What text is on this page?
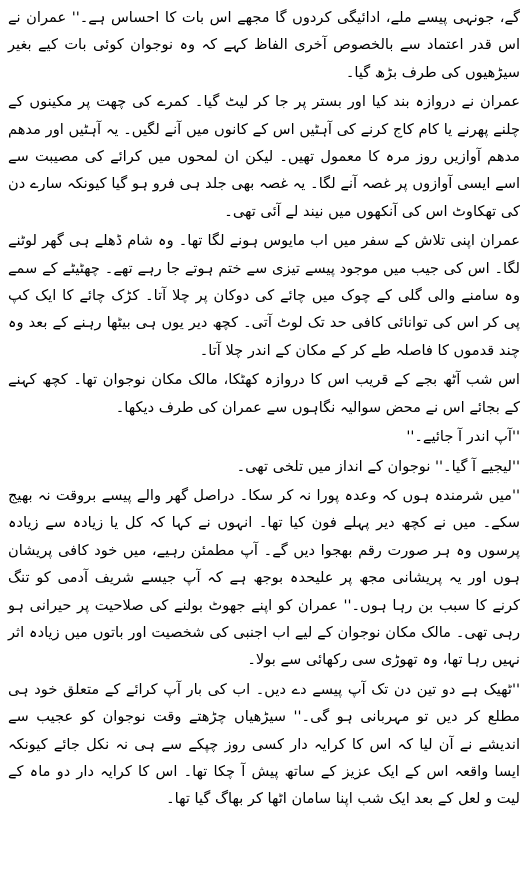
گے، جونہی پیسے ملے، ادائیگی کردوں گا مجھے اس بات کا احساس ہے۔'' عمران نے اس قدر اعتماد سے بالخصوص آخری الفاظ کہے کہ وہ نوجوان کوئی بات کیے بغیر سیڑھیوں کی طرف بڑھ گیا۔

عمران نے دروازہ بند کیا اور بستر پر جا کر لیٹ گیا۔ کمرے کی چھت پر مکینوں کے چلنے پھرنے یا کام کاج کرنے کی آہٹیں اس کے کانوں میں آنے لگیں۔ یہ آہٹیں اور مدھم مدھم آوازیں روز مرہ کا معمول تھیں۔ لیکن ان لمحوں میں کرائے کی مصیبت سے اسے ایسی آوازوں پر غصہ آنے لگا۔ یہ غصہ بھی جلد ہی فرو ہو گیا کیونکہ سارے دن کی تھکاوٹ اس کی آنکھوں میں نیند لے آئی تھی۔

عمران اپنی تلاش کے سفر میں اب مایوس ہونے لگا تھا۔ وہ شام ڈھلے ہی گھر لوٹنے لگا۔ اس کی جیب میں موجود پیسے تیزی سے ختم ہوتے جا رہے تھے۔ چھٹیٹے کے سمے وہ سامنے والی گلی کے چوک میں چائے کی دوکان پر چلا آتا۔ کڑک چائے کا ایک کپ پی کر اس کی توانائی کافی حد تک لوٹ آتی۔ کچھ دیر یوں ہی بیٹھا رہنے کے بعد وہ چند قدموں کا فاصلہ طے کر کے مکان کے اندر چلا آتا۔

اس شب آٹھ بجے کے قریب اس کا دروازہ کھٹکا، مالک مکان نوجوان تھا۔ کچھ کہنے کے بجائے اس نے محض سوالیہ نگاہوں سے عمران کی طرف دیکھا۔

''آپ اندر آ جائیے۔''

''لیجیے آ گیا۔'' نوجوان کے انداز میں تلخی تھی۔

''میں شرمندہ ہوں کہ وعدہ پورا نہ کر سکا۔ دراصل گھر والے پیسے بروقت نہ بھیج سکے۔ میں نے کچھ دیر پہلے فون کیا تھا۔ انہوں نے کہا کہ کل یا زیادہ سے زیادہ پرسوں وہ ہر صورت رقم بھجوا دیں گے۔ آپ مطمئن رہیے، میں خود کافی پریشان ہوں اور یہ پریشانی مجھ پر علیحدہ بوجھ ہے کہ آپ جیسے شریف آدمی کو تنگ کرنے کا سبب بن رہا ہوں۔'' عمران کو اپنے جھوٹ بولنے کی صلاحیت پر حیرانی ہو رہی تھی۔ مالک مکان نوجوان کے لیے اب اجنبی کی شخصیت اور باتوں میں زیادہ اثر نہیں رہا تھا، وہ تھوڑی سی رکھائی سے بولا۔

''ٹھیک ہے دو تین دن تک آپ پیسے دے دیں۔ اب کی بار آپ کرائے کے متعلق خود ہی مطلع کر دیں تو مہربانی ہو گی۔'' سیڑھیاں چڑھتے وقت نوجوان کو عجیب سے اندیشے نے آن لیا کہ اس کا کرایہ دار کسی روز چپکے سے ہی نہ نکل جائے کیونکہ ایسا واقعہ اس کے ایک عزیز کے ساتھ پیش آ چکا تھا۔ اس کا کرایہ دار دو ماہ کے لیت و لعل کے بعد ایک شب اپنا سامان اٹھا کر بھاگ گیا تھا۔
